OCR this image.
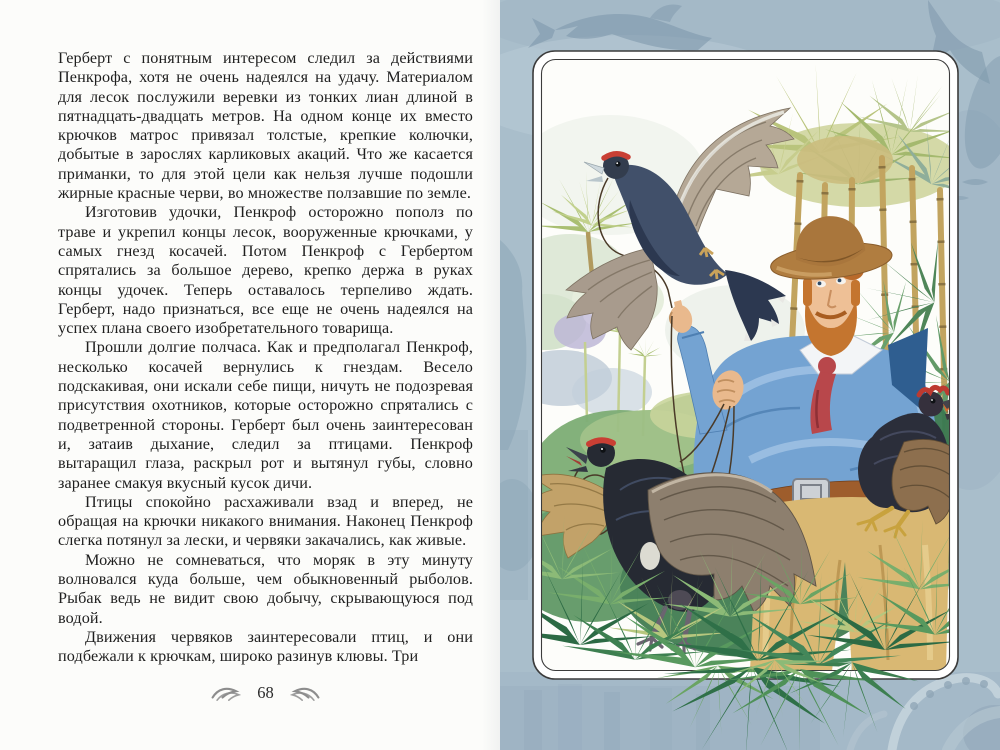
Герберт с понятным интересом следил за действиями Пенкрофа, хотя не очень надеялся на удачу. Материалом для лесок послужили веревки из тонких лиан длиной в пятнадцать-двадцать метров. На одном конце их вместо крючков матрос привязал толстые, крепкие колючки, добытые в зарослях карликовых акаций. Что же касается приманки, то для этой цели как нельзя лучше подошли жирные красные черви, во множестве ползавшие по земле.

Изготовив удочки, Пенкроф осторожно пополз по траве и укрепил концы лесок, вооруженные крючками, у самых гнезд косачей. Потом Пенкроф с Гербертом спрятались за большое дерево, крепко держа в руках концы удочек. Теперь оставалось терпеливо ждать. Герберт, надо признаться, все еще не очень надеялся на успех плана своего изобретательного товарища.

Прошли долгие полчаса. Как и предполагал Пенкроф, несколько косачей вернулись к гнездам. Весело подскакивая, они искали себе пищи, ничуть не подозревая присутствия охотников, которые осторожно спрятались с подветренной стороны. Герберт был очень заинтересован и, затаив дыхание, следил за птицами. Пенкроф вытаращил глаза, раскрыл рот и вытянул губы, словно заранее смакуя вкусный кусок дичи.

Птицы спокойно расхаживали взад и вперед, не обращая на крючки никакого внимания. Наконец Пенкроф слегка потянул за лески, и червяки закачались, как живые.

Можно не сомневаться, что моряк в эту минуту волновался куда больше, чем обыкновенный рыболов. Рыбак ведь не видит свою добычу, скрывающуюся под водой.

Движения червяков заинтересовали птиц, и они подбежали к крючкам, широко разинув клювы. Три

68
